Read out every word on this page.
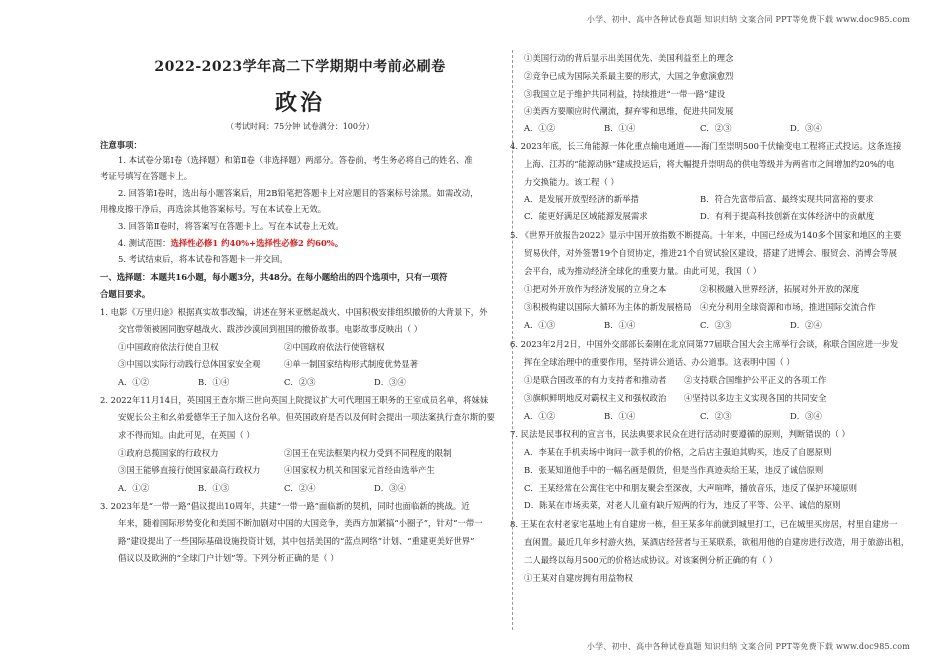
小学、初中、高中各种试卷真题 知识归纳 文案合同 PPT等免费下载 www.doc985.com
小学、初中、高中各种试卷真题 知识归纳 文案合同 PPT等免费下载 www.doc985.com
2022-2023学年高二下学期期中考前必刷卷
政治
（考试时间：75分钟 试卷满分：100分）
注意事项：
1. 本试卷分第Ⅰ卷（选择题）和第Ⅱ卷（非选择题）两部分。答卷前，考生务必将自己的姓名、准
考证号填写在答题卡上。
2. 回答第Ⅰ卷时，选出每小题答案后，用2B铅笔把答题卡上对应题目的答案标号涂黑。如需改动，
用橡皮擦干净后，再选涂其他答案标号。写在本试卷上无效。
3. 回答第Ⅱ卷时，将答案写在答题卡上。写在本试卷上无效。
4. 测试范围：选择性必修1 约40%+选择性必修2 约60%。
5. 考试结束后，将本试卷和答题卡一并交回。
一、选择题：本题共16小题，每小题3分，共48分。在每小题给出的四个选项中，只有一项符
合题目要求。
1. 电影《万里归途》根据真实故事改编，讲述在努米亚燃起战火、中国积极安排组织撤侨的大背景下，外
交官带领被困同胞穿越战火、跋涉沙漠回到祖国的撤侨故事。电影故事反映出（ ）
①中国政府依法行使自卫权	②中国政府依法行使管辖权
③中国以实际行动践行总体国家安全观	④单一制国家结构形式制度优势显著
A．①②	B．①④	C．②③	D．③④
2. 2022年11月14日，英国国王查尔斯三世向英国上院提议扩大可代理国王职务的王室成员名单，将妹妹
安妮长公主和幺弟爱德华王子加入这份名单。但英国政府是否以及何时会提出一项法案执行查尔斯的要
求不得而知。由此可见，在英国（ ）
①政府总揽国家的行政权力	②国王在宪法框架内权力受到不同程度的限制
③国王能够直接行使国家最高行政权力	④国家权力机关和国家元首经由选举产生
A．①②	B．①③	C．②④	D．③④
3. 2023年是“一带一路”倡议提出10周年，共建“一带一路”面临新的契机，同时也面临新的挑战。近
年来，随着国际形势变化和美国不断加剧对中国的大国竞争，美西方加紧搞“小圈子”，针对“一带一
路”建设提出了一些国际基础设施投资计划，其中包括美国的“蓝点网络”计划、“重建更美好世界”
倡议以及欧洲的“全球门户计划”等。下列分析正确的是（ ）
①美国行动的背后显示出美国优先、美国利益至上的理念
②竞争已成为国际关系最主要的形式，大国之争愈演愈烈
③我国立足于维护共同利益，持续推进“一带一路”建设
④美西方要顺应时代潮流，摒弃零和思维，促进共同发展
A．①②	B．①④	C．②③	D．③④
4. 2023年底，长三角能源一体化重点输电通道——海门至崇明500千伏输变电工程将正式投运。这条连接
上海、江苏的“能源动脉”建成投运后，将大幅提升崇明岛的供电等级并为两省市之间增加约20%的电
力交换能力。该工程（ ）
A．是发展开放型经济的新举措	B．符合先富带后富、最终实现共同富裕的要求
C．能更好满足区域能源发展需求	D．有利于提高科技创新在实体经济中的贡献度
5. 《世界开放报告2022》显示中国开放指数不断提高。十年来，中国已经成为140多个国家和地区的主要
贸易伙伴，对外签署19个自贸协定，推进21个自贸试验区建设，搭建了进博会、服贸会、消博会等展
会平台，成为推动经济全球化的重要力量。由此可见，我国（ ）
①把对外开放作为经济发展的立身之本	②积极融入世界经济，拓展对外开放的深度
③积极构建以国际大循环为主体的新发展格局 ④充分利用全球资源和市场，推进国际交流合作
A．①③	B．①④	C．②③	D．②④
6. 2023年2月2日，中国外交部部长秦刚在北京同第77届联合国大会主席举行会谈，称联合国应进一步发
挥在全球治理中的重要作用，坚持讲公道话、办公道事。这表明中国（ ）
①是联合国改革的有力支持者和推动者 ②支持联合国维护公平正义的各项工作
③旗帜鲜明地反对霸权主义和强权政治 ④坚持以多边主义实现各国的共同安全
A．①②	B．①④	C．②③	D．③④
7. 民法是民事权利的宣言书，民法典要求民众在进行活动时要遵循的原则，判断错误的（ ）
A．李某在手机卖场中询问一款手机的价格，之后店主强迫其购买，违反了自愿原则
B．张某知道他手中的一幅名画是假货，但是当作真迹卖给王某，违反了诚信原则
C．王某经常在公寓住宅中和朋友聚会至深夜，大声喧哗，播放音乐，违反了保护环境原则
D．陈某在市场卖菜，对老人儿童有缺斤短两的行为，违反了平等、公平、诚信的原则
8. 王某在农村老家宅基地上有自建房一栋，但王某多年前就到城里打工，已在城里买房居，村里自建房一
直闲置。最近几年乡村游火热，某酒店经营者与王某联系，欲租用他的自建房进行改造，用于旅游出租，
二人最终以每月500元的价格达成协议。对该案例分析正确的有（ ）
①王某对自建房拥有用益物权
